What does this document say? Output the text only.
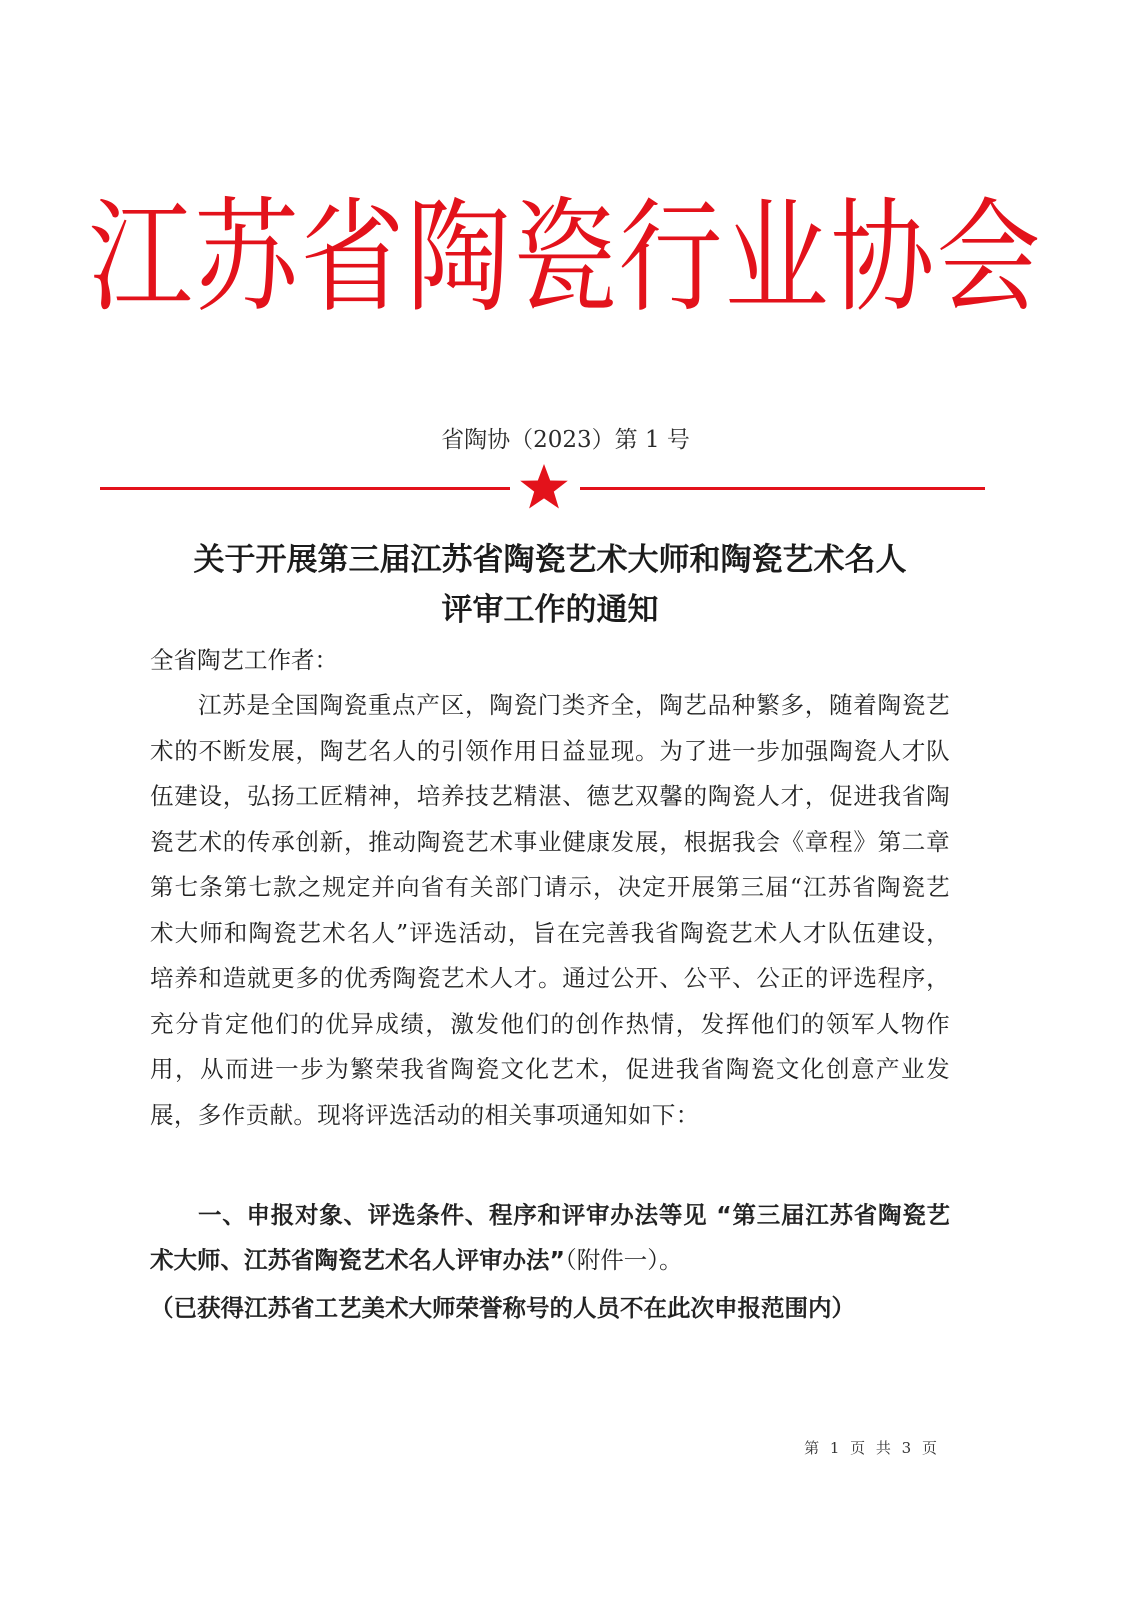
江苏省陶瓷行业协会
省陶协（2023）第 1 号
关于开展第三届江苏省陶瓷艺术大师和陶瓷艺术名人
评审工作的通知
全省陶艺工作者：
江苏是全国陶瓷重点产区，陶瓷门类齐全，陶艺品种繁多，随着陶瓷艺术的不断发展，陶艺名人的引领作用日益显现。为了进一步加强陶瓷人才队伍建设，弘扬工匠精神，培养技艺精湛、德艺双馨的陶瓷人才，促进我省陶瓷艺术的传承创新，推动陶瓷艺术事业健康发展，根据我会《章程》第二章第七条第七款之规定并向省有关部门请示，决定开展第三届“江苏省陶瓷艺术大师和陶瓷艺术名人”评选活动，旨在完善我省陶瓷艺术人才队伍建设，培养和造就更多的优秀陶瓷艺术人才。通过公开、公平、公正的评选程序，充分肯定他们的优异成绩，激发他们的创作热情，发挥他们的领军人物作用，从而进一步为繁荣我省陶瓷文化艺术，促进我省陶瓷文化创意产业发展，多作贡献。现将评选活动的相关事项通知如下：
一、申报对象、评选条件、程序和评审办法等见 “第三届江苏省陶瓷艺术大师、江苏省陶瓷艺术名人评审办法”（附件一）。
（已获得江苏省工艺美术大师荣誉称号的人员不在此次申报范围内）
第 1 页 共 3 页
